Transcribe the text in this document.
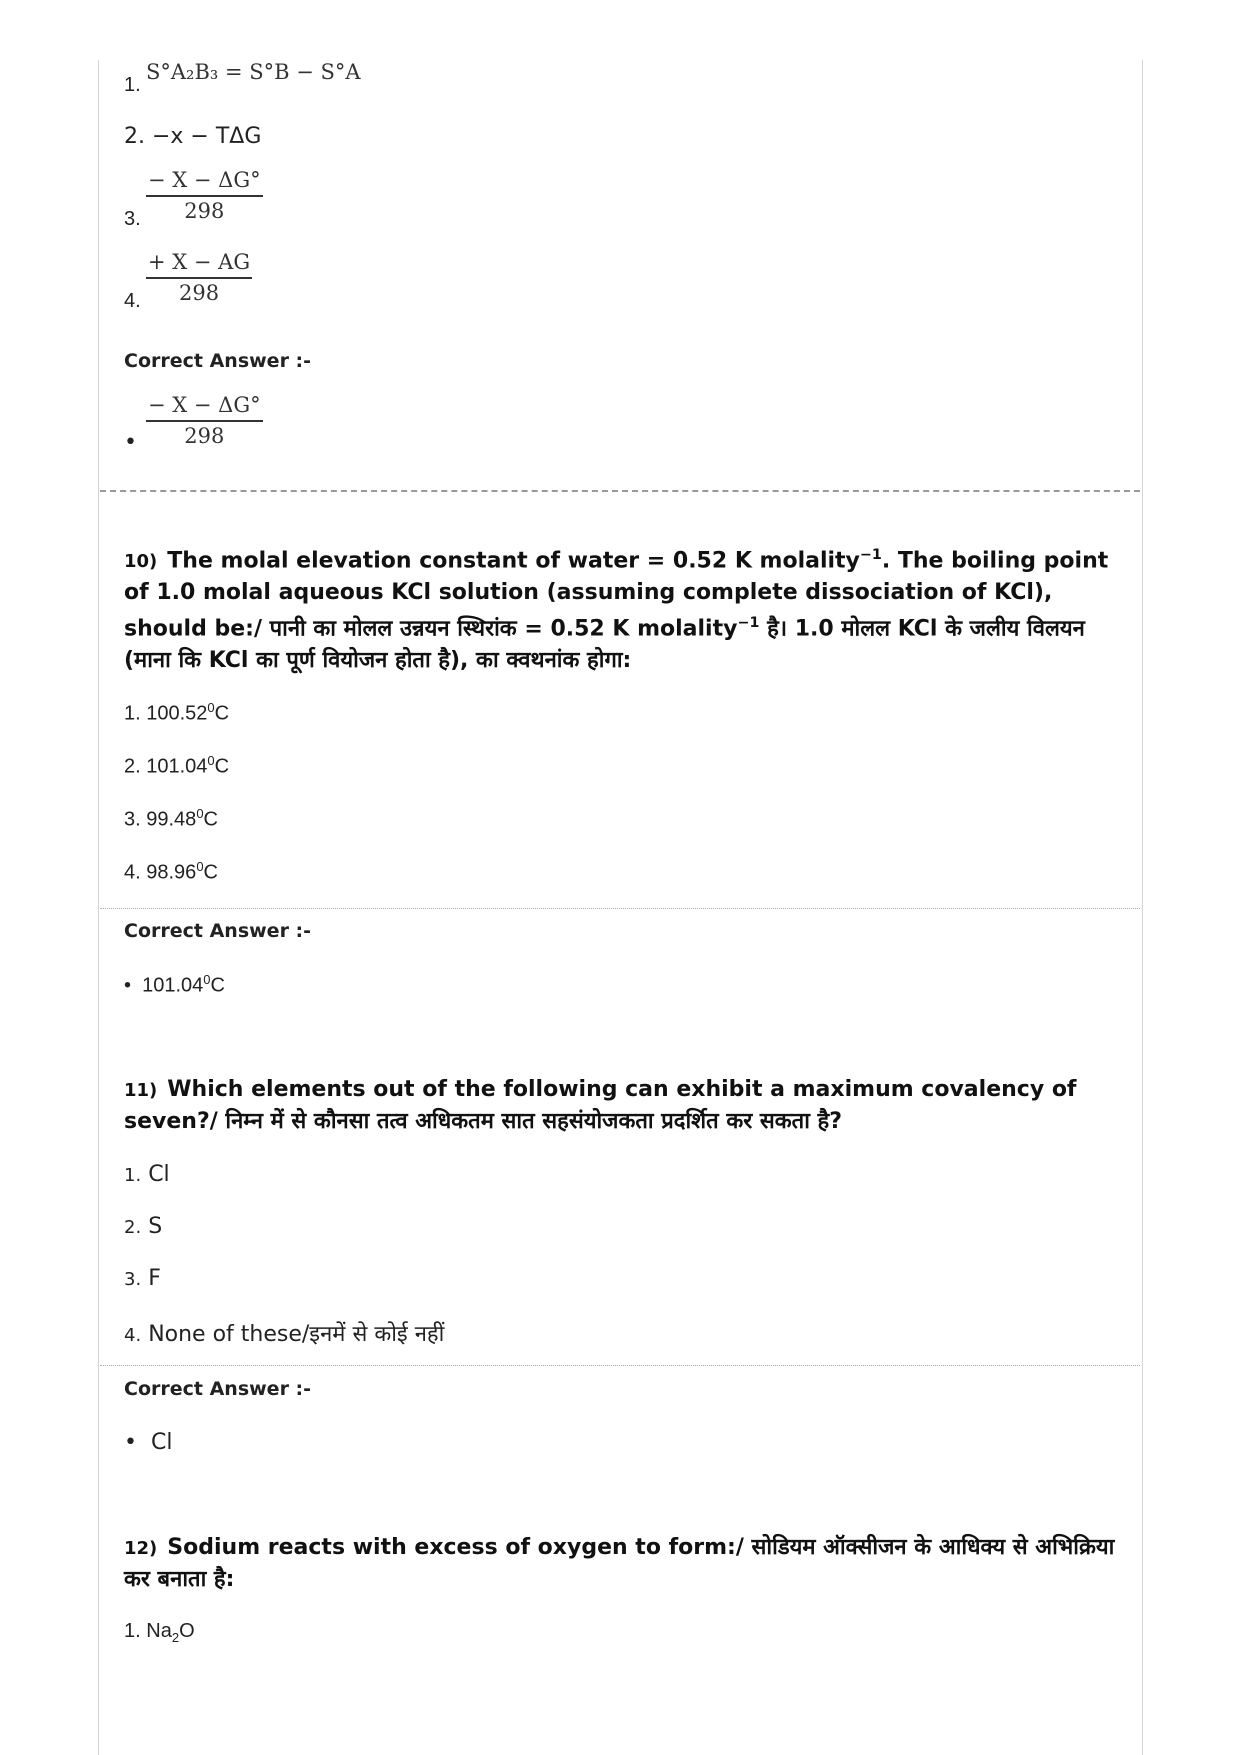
1.
S°A₂B₃ = S°B − S°A
2. −x − TΔG
3. $\frac{- X - \Delta G^\circ}{298}$
4. $\frac{+ X - AG}{298}$
Correct Answer :-
• $\frac{- X - \Delta G^\circ}{298}$
10) The molal elevation constant of water = 0.52 K molality$^{-1}$. The boiling point of 1.0 molal aqueous KCl solution (assuming complete dissociation of KCl), should be:/ पानी का मोलल उन्नयन स्थिरांक = 0.52 K molality$^{-1}$ है। 1.0 मोलल KCl के जलीय विलयन (माना कि KCl का पूर्ण वियोजन होता है), का क्वथनांक होगा:
1. 100.52$^0$C
2. 101.04$^0$C
3. 99.48$^0$C
4. 98.96$^0$C
Correct Answer :-
•  101.04$^0$C
11) Which elements out of the following can exhibit a maximum covalency of seven?/ निम्न में से कौनसा तत्व अधिकतम सात सहसंयोजकता प्रदर्शित कर सकता है?
1. Cl
2. S
3. F
4. None of these/इनमें से कोई नहीं
Correct Answer :-
•  Cl
12) Sodium reacts with excess of oxygen to form:/ सोडियम ऑक्सीजन के आधिक्य से अभिक्रिया कर बनाता है:
1. $Na_2O$
